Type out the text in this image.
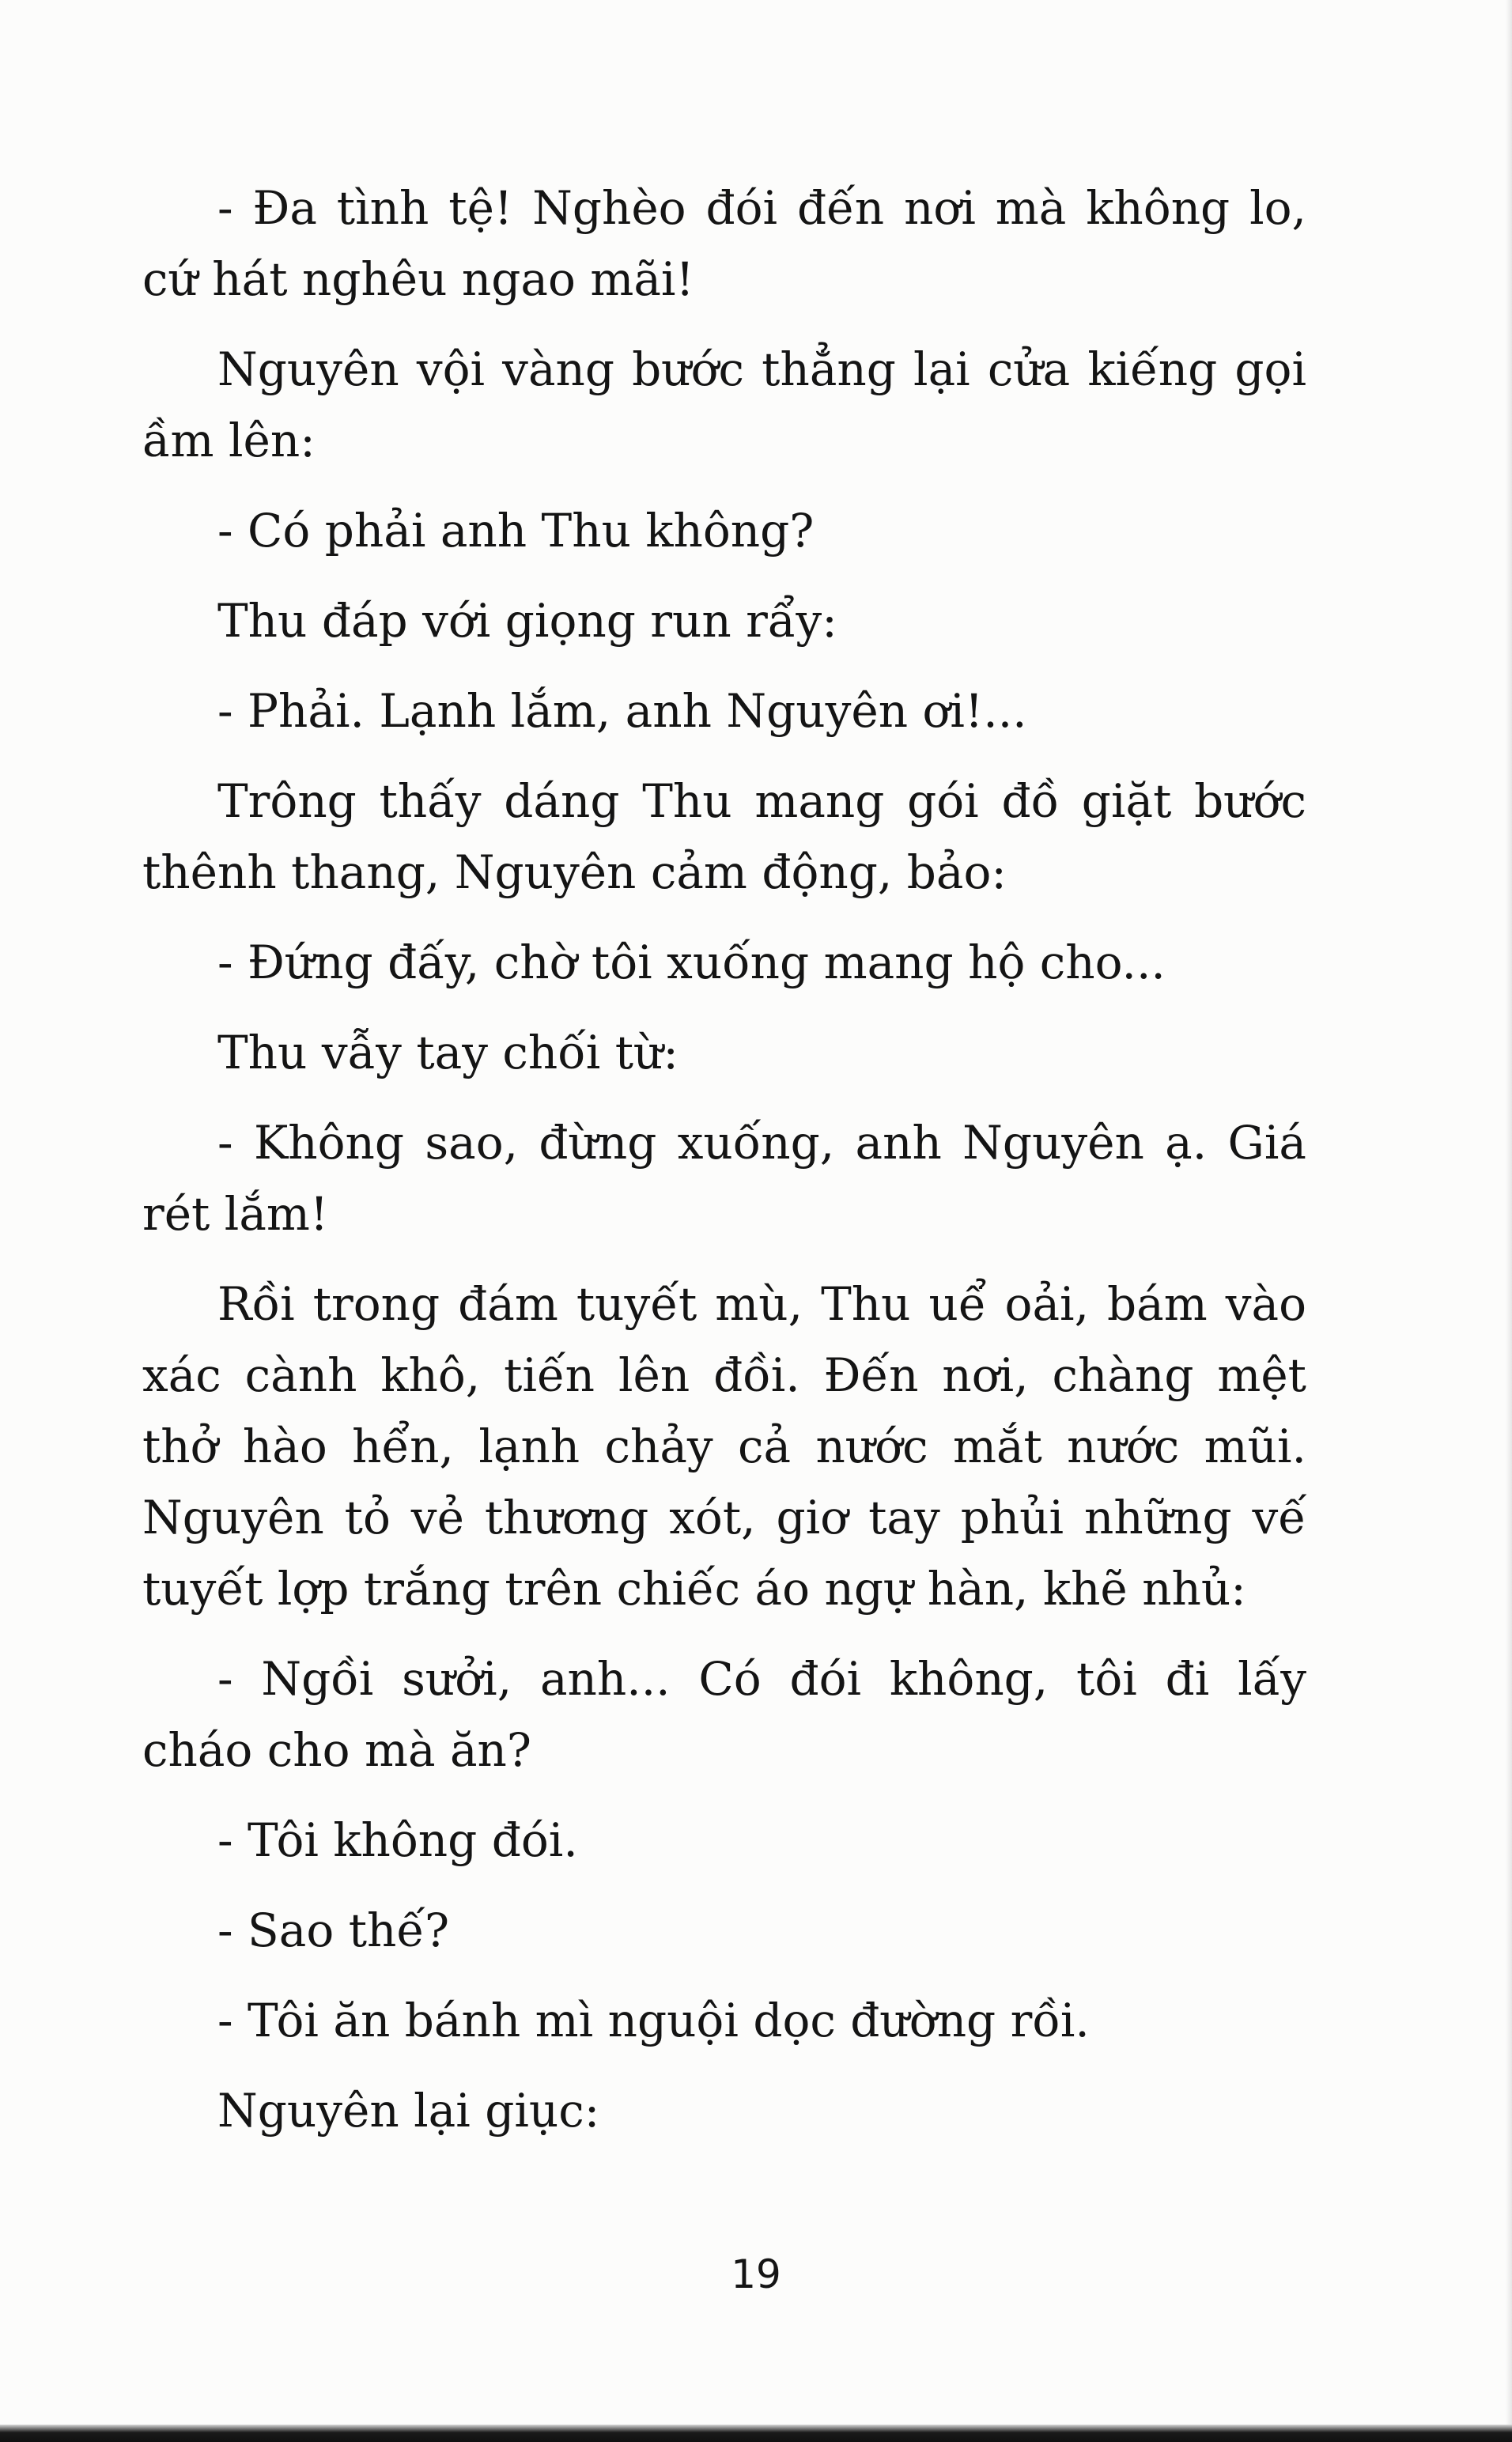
- Đa tình tệ! Nghèo đói đến nơi mà không lo, cứ hát nghêu ngao mãi!

Nguyên vội vàng bước thẳng lại cửa kiếng gọi ầm lên:

- Có phải anh Thu không?

Thu đáp với giọng run rẩy:

- Phải. Lạnh lắm, anh Nguyên ơi!...

Trông thấy dáng Thu mang gói đồ giặt bước thênh thang, Nguyên cảm động, bảo:

- Đứng đấy, chờ tôi xuống mang hộ cho...

Thu vẫy tay chối từ:

- Không sao, đừng xuống, anh Nguyên ạ. Giá rét lắm!

Rồi trong đám tuyết mù, Thu uể oải, bám vào xác cành khô, tiến lên đồi. Đến nơi, chàng mệt thở hào hển, lạnh chảy cả nước mắt nước mũi. Nguyên tỏ vẻ thương xót, giơ tay phủi những vế tuyết lợp trắng trên chiếc áo ngự hàn, khẽ nhủ:

- Ngồi sưởi, anh... Có đói không, tôi đi lấy cháo cho mà ăn?

- Tôi không đói.

- Sao thế?

- Tôi ăn bánh mì nguội dọc đường rồi.

Nguyên lại giục:

19
